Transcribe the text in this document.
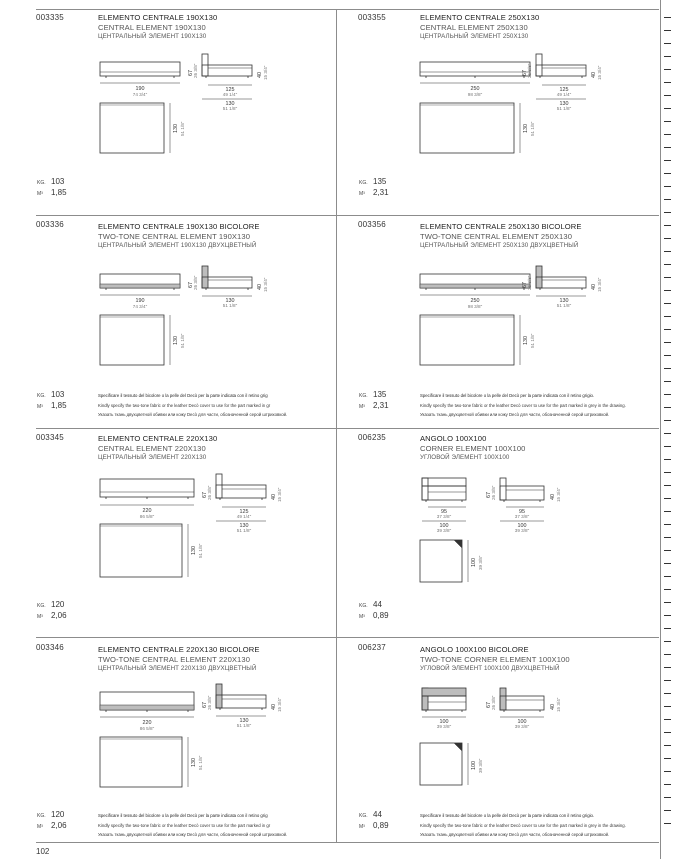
003335	ELEMENTO CENTRALE 190X130
CENTRAL ELEMENT 190X130
ЦЕНТРАЛЬНЫЙ ЭЛЕМЕНТ 190X130
190
74 3/4"
67 26 3/8"	40 15 3/4"
125
49 1/4"
130
51 1/8"
130 51 1/8"
KG. 103
M³ 1,85
003355	ELEMENTO CENTRALE 250X130
CENTRAL ELEMENT 250X130
ЦЕНТРАЛЬНЫЙ ЭЛЕМЕНТ 250X130
250
98 3/8"
67 26 3/8"	40 15 3/4"
125
49 1/4"
130
51 1/8"
130 51 1/8"
KG. 135
M³ 2,31
003336	ELEMENTO CENTRALE 190X130 BICOLORE
TWO-TONE CENTRAL ELEMENT 190X130
ЦЕНТРАЛЬНЫЙ ЭЛЕМЕНТ 190X130 ДВУХЦВЕТНЫЙ
190
74 3/4"
67 26 3/8"	40 15 3/4"
130
51 1/8"
130 51 1/8"
KG. 103
M³ 1,85
Specificare il tessuto del bicolore o la pelle del Decò per la parte indicata con il retino grig
Kindly specify the two-tone fabric or the leather Decò cover to use for the part marked in gr
Указать ткань двухцветной обивки или кожу Decò для части, обозначенной серой штриховкой.
003356	ELEMENTO CENTRALE 250X130 BICOLORE
TWO-TONE CENTRAL ELEMENT 250X130
ЦЕНТРАЛЬНЫЙ ЭЛЕМЕНТ 250X130 ДВУХЦВЕТНЫЙ
250
98 3/8"
67 26 3/8"	40 15 3/4"
130
51 1/8"
130 51 1/8"
KG. 135
M³ 2,31
Specificare il tessuto del bicolore o la pelle del Decò per la parte indicata con il retino grigio.
Kindly specify the two-tone fabric or the leather Decò cover to use for the part marked in grey in the drawing.
Указать ткань двухцветной обивки или кожу Decò для части, обозначенной серой штриховкой.
003345	ELEMENTO CENTRALE 220X130
CENTRAL ELEMENT 220X130
ЦЕНТРАЛЬНЫЙ ЭЛЕМЕНТ 220X130
220
86 5/8"
67 26 3/8"	40 15 3/4"
125
49 1/4"
130
51 1/8"
130 51 1/8"
KG. 120
M³ 2,06
006235	ANGOLO 100X100
CORNER ELEMENT 100X100
УГЛОВОЙ ЭЛЕМЕНТ 100X100
95
37 3/8"
100
39 3/8"
67 26 3/8"	40 15 3/4"
95
37 3/8"
100
39 3/8"
100 39 3/8"
KG. 44
M³ 0,89
003346	ELEMENTO CENTRALE 220X130 BICOLORE
TWO-TONE CENTRAL ELEMENT 220X130
ЦЕНТРАЛЬНЫЙ ЭЛЕМЕНТ 220X130 ДВУХЦВЕТНЫЙ
220
86 5/8"
67 26 3/8"	40 15 3/4"
130
51 1/8"
130 51 1/8"
KG. 120
M³ 2,06
Specificare il tessuto del bicolore o la pelle del Decò per la parte indicata con il retino grig
Kindly specify the two-tone fabric or the leather Decò cover to use for the part marked in gr
Указать ткань двухцветной обивки или кожу Decò для части, обозначенной серой штриховкой.
006237	ANGOLO 100X100 BICOLORE
TWO-TONE CORNER ELEMENT 100X100
УГЛОВОЙ ЭЛЕМЕНТ 100X100 ДВУХЦВЕТНЫЙ
100
39 3/8"
67 26 3/8"	40 15 3/4"
100
39 3/8"
100 39 3/8"
KG. 44
M³ 0,89
Specificare il tessuto del bicolore o la pelle del Decò per la parte indicata con il retino grigio.
Kindly specify the two-tone fabric or the leather Decò cover to use for the part marked in grey in the drawing.
Указать ткань двухцветной обивки или кожу Decò для части, обозначенной серой штриховкой.
102
